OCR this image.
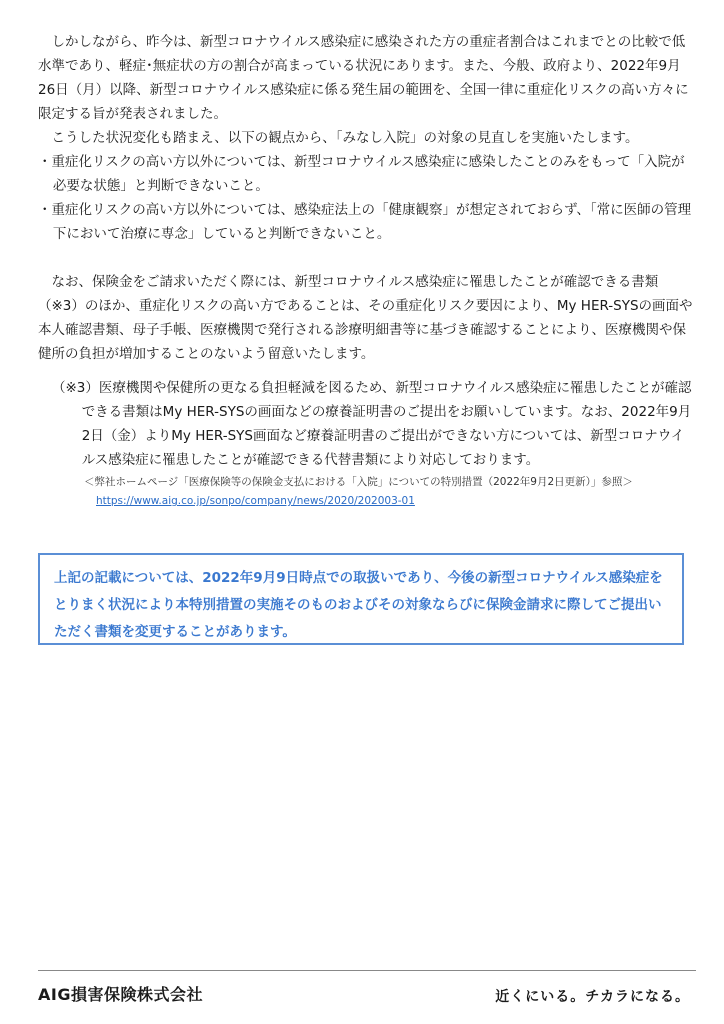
しかしながら、昨今は、新型コロナウイルス感染症に感染された方の重症者割合はこれまでとの比較で低水準であり、軽症･無症状の方の割合が高まっている状況にあります。また、今般、政府より、2022年9月26日（月）以降、新型コロナウイルス感染症に係る発生届の範囲を、全国一律に重症化リスクの高い方々に限定する旨が発表されました。

こうした状況変化も踏まえ、以下の観点から、「みなし入院」の対象の見直しを実施いたします。

・重症化リスクの高い方以外については、新型コロナウイルス感染症に感染したことのみをもって「入院が必要な状態」と判断できないこと。

・重症化リスクの高い方以外については、感染症法上の「健康観察」が想定されておらず、「常に医師の管理下において治療に専念」していると判断できないこと。

なお、保険金をご請求いただく際には、新型コロナウイルス感染症に罹患したことが確認できる書類（※3）のほか、重症化リスクの高い方であることは、その重症化リスク要因により、My HER-SYSの画面や本人確認書類、母子手帳、医療機関で発行される診療明細書等に基づき確認することにより、医療機関や保健所の負担が増加することのないよう留意いたします。

（※3）医療機関や保健所の更なる負担軽減を図るため、新型コロナウイルス感染症に罹患したことが確認できる書類はMy HER-SYSの画面などの療養証明書のご提出をお願いしています。なお、2022年9月2日（金）よりMy HER-SYS画面など療養証明書のご提出ができない方については、新型コロナウイルス感染症に罹患したことが確認できる代替書類により対応しております。

＜弊社ホームページ「医療保険等の保険金支払における「入院」についての特別措置（2022年9月2日更新）」参照＞

https://www.aig.co.jp/sonpo/company/news/2020/202003-01
上記の記載については、2022年9月9日時点での取扱いであり、今後の新型コロナウイルス感染症をとりまく状況により本特別措置の実施そのものおよびその対象ならびに保険金請求に際してご提出いただく書類を変更することがあります。
AIG損害保険株式会社	近くにいる。チカラになる。
